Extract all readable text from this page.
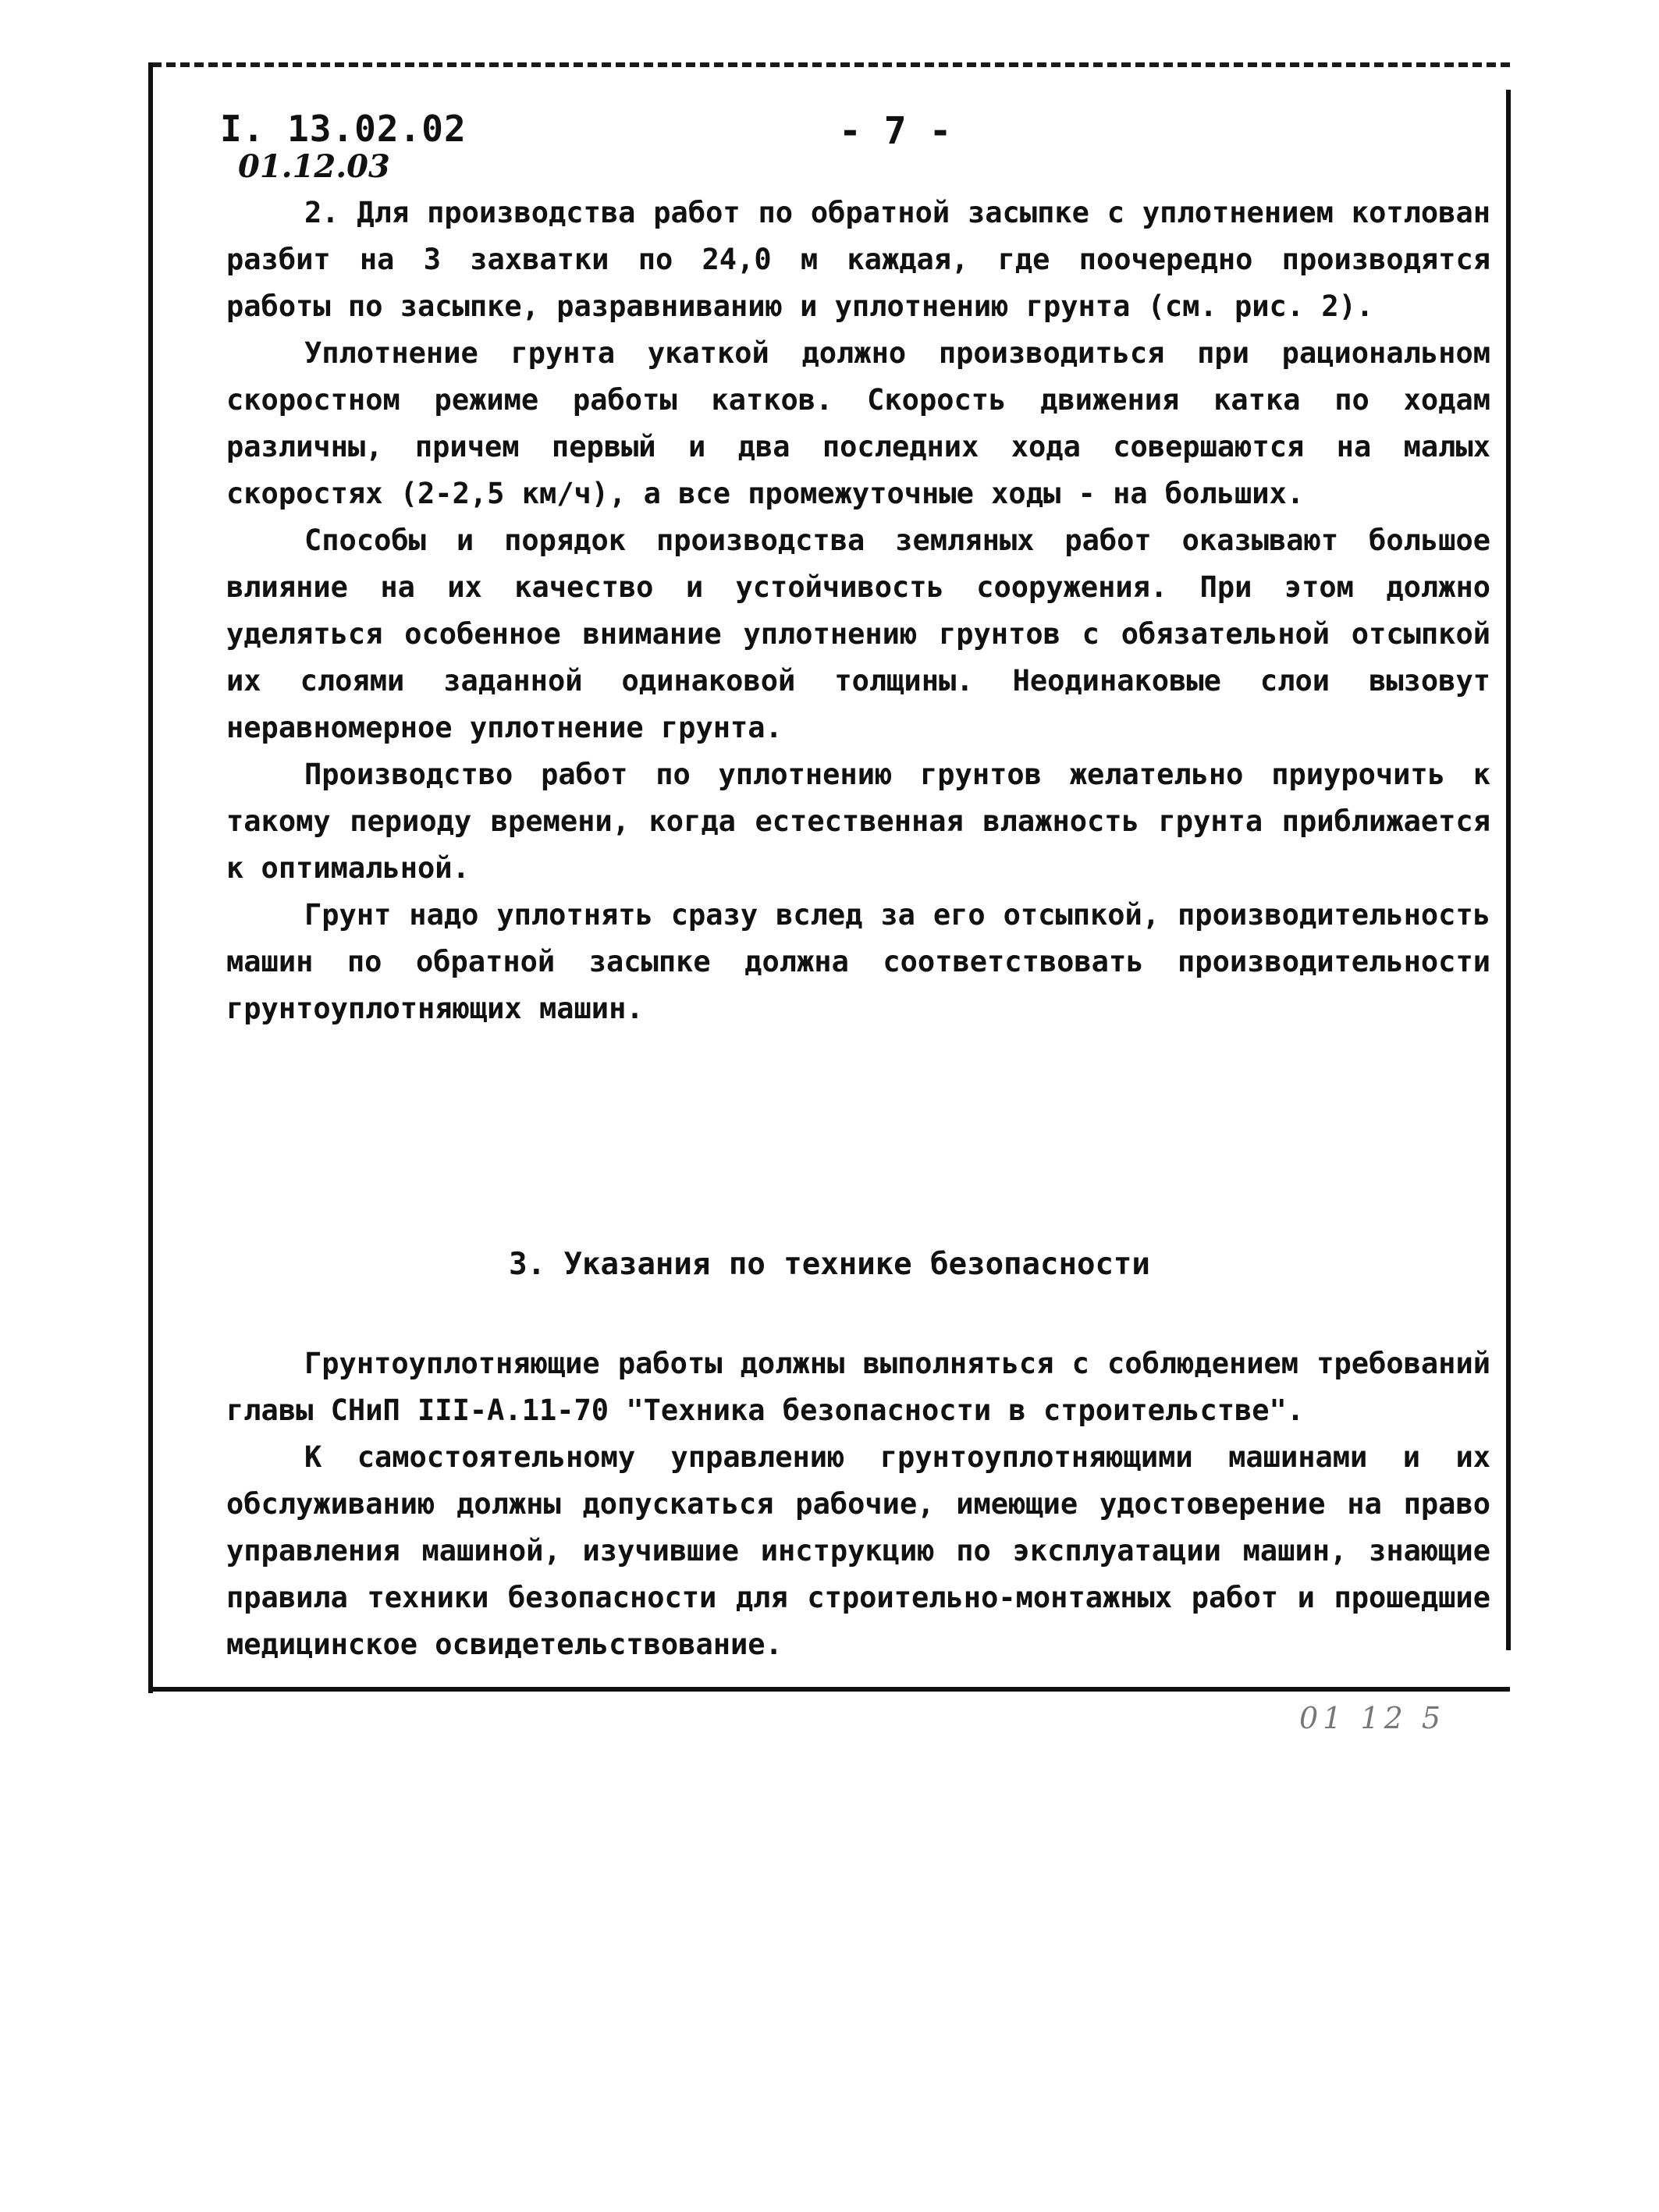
I. 13.02.02
01.12.03
- 7 -

2. Для производства работ по обратной засыпке с уплотнением котлован разбит на 3 захватки по 24,0 м каждая, где поочередно производятся работы по засыпке, разравниванию и уплотнению грунта (см. рис. 2).

Уплотнение грунта укаткой должно производиться при рациональном скоростном режиме работы катков. Скорость движения катка по ходам различны, причем первый и два последних хода совершаются на малых скоростях (2-2,5 км/ч), а все промежуточные ходы - на больших.

Способы и порядок производства земляных работ оказывают большое влияние на их качество и устойчивость сооружения. При этом должно уделяться особенное внимание уплотнению грунтов с обязательной отсыпкой их слоями заданной одинаковой толщины. Неодинаковые слои вызовут неравномерное уплотнение грунта.

Производство работ по уплотнению грунтов желательно приурочить к такому периоду времени, когда естественная влажность грунта приближается к оптимальной.

Грунт надо уплотнять сразу вслед за его отсыпкой, производительность машин по обратной засыпке должна соответствовать производительности грунтоуплотняющих машин.

3. Указания по технике безопасности

Грунтоуплотняющие работы должны выполняться с соблюдением требований главы СНиП III-А.11-70 "Техника безопасности в строительстве".

К самостоятельному управлению грунтоуплотняющими машинами и их обслуживанию должны допускаться рабочие, имеющие удостоверение на право управления машиной, изучившие инструкцию по эксплуатации машин, знающие правила техники безопасности для строительно-монтажных работ и прошедшие медицинское освидетельствование.

01 12 5
